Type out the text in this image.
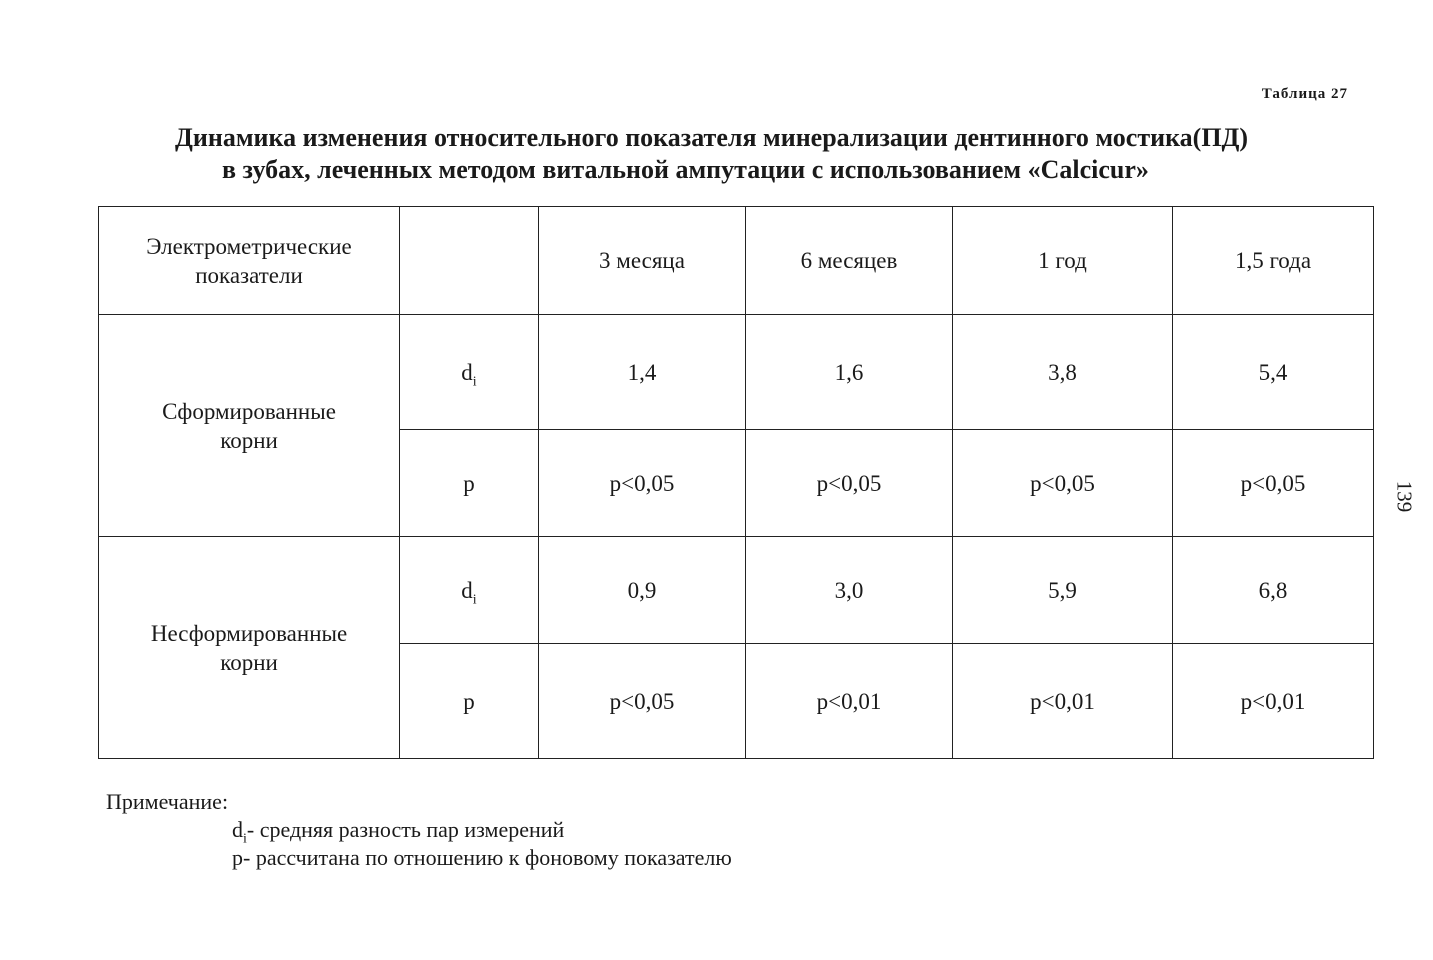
Таблица 27
Динамика изменения относительного показателя минерализации дентинного мостика(ПД)
в зубах, леченных методом витальной ампутации с использованием «Calcicur»
Электрометрические
показатели		3 месяца	6 месяцев	1 год	1,5 года
Сформированные
корни	$d_i$	1,4	1,6	3,8	5,4
	p	p<0,05	p<0,05	p<0,05	p<0,05
Несформированные
корни	$d_i$	0,9	3,0	5,9	6,8
	p	p<0,05	p<0,01	p<0,01	p<0,01
Примечание:
$d_i-$ средняя разность пар измерений
p- рассчитана по отношению к фоновому показателю
139
